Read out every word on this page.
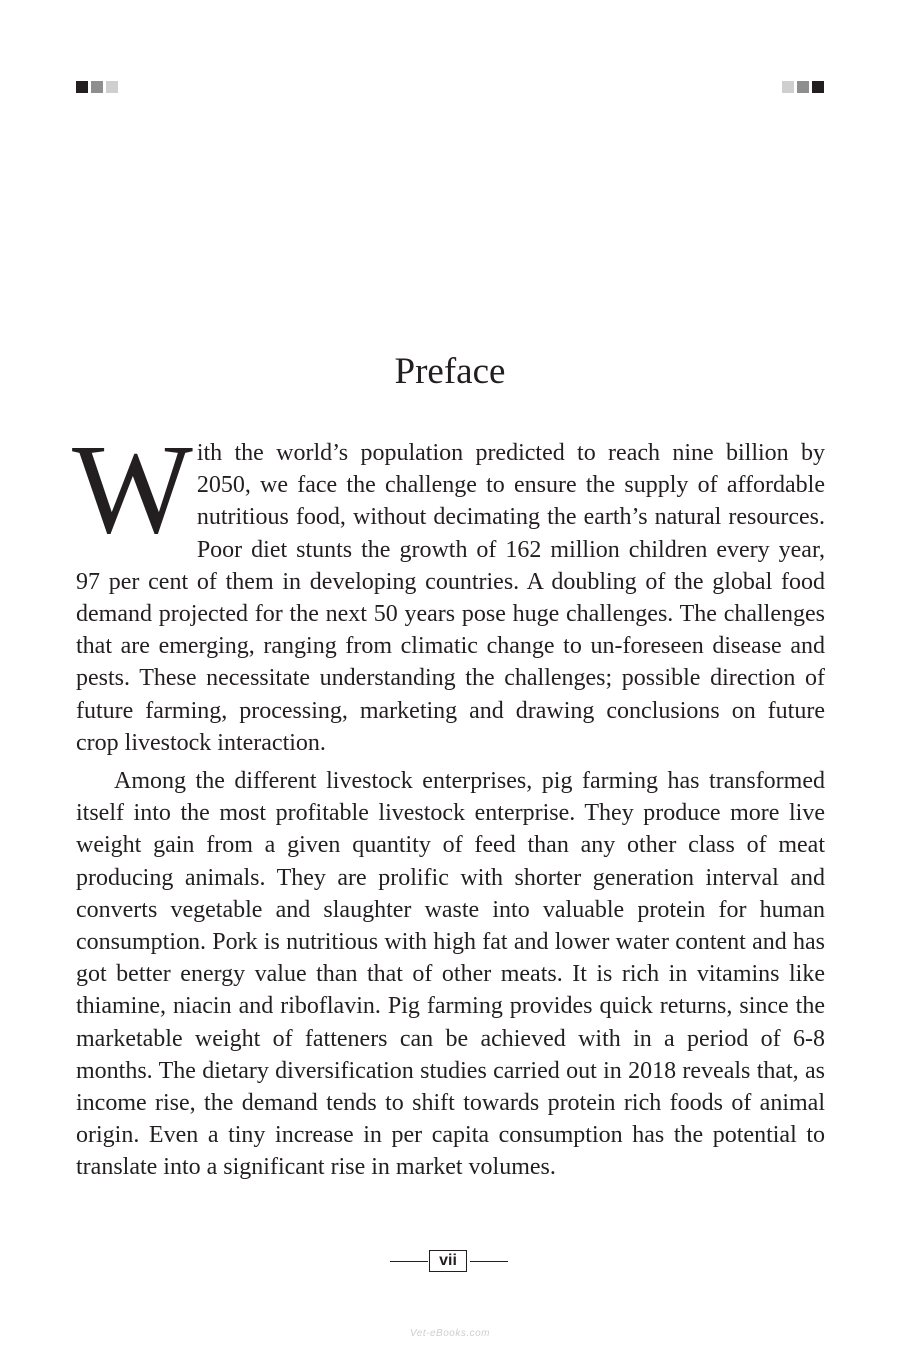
Preface

With the world’s population predicted to reach nine billion by 2050, we face the challenge to ensure the supply of affordable nutritious food, without decimating the earth’s natural resources. Poor diet stunts the growth of 162 million children every year, 97 per cent of them in developing countries. A doubling of the global food demand projected for the next 50 years pose huge challenges. The challenges that are emerging, ranging from climatic change to un-foreseen disease and pests. These necessitate understanding the challenges; possible direction of future farming, processing, marketing and drawing conclusions on future crop livestock interaction.

Among the different livestock enterprises, pig farming has transformed itself into the most profitable livestock enterprise. They produce more live weight gain from a given quantity of feed than any other class of meat producing animals. They are prolific with shorter generation interval and converts vegetable and slaughter waste into valuable protein for human consumption. Pork is nutritious with high fat and lower water content and has got better energy value than that of other meats. It is rich in vitamins like thiamine, niacin and riboflavin. Pig farming provides quick returns, since the marketable weight of fatteners can be achieved with in a period of 6-8 months. The dietary diversification studies carried out in 2018 reveals that, as income rise, the demand tends to shift towards protein rich foods of animal origin. Even a tiny increase in per capita consumption has the potential to translate into a significant rise in market volumes.

vii
Vet-eBooks.com
